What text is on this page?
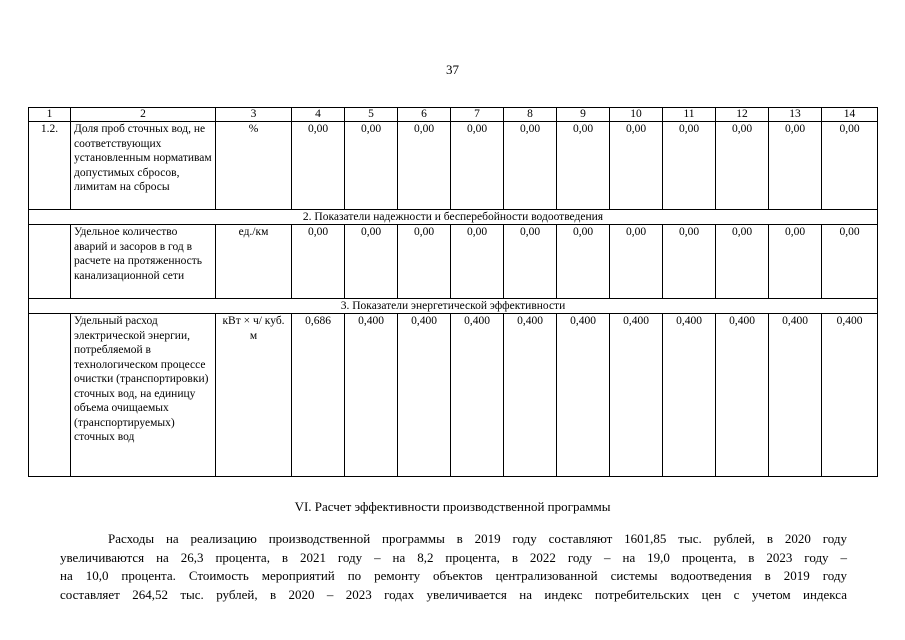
37
1	2	3	4	5	6	7	8	9	10	11	12	13	14
1.2.	Доля проб сточных вод, не соответствующих установленным нормативам допустимых сбросов, лимитам на сбросы	%	0,00	0,00	0,00	0,00	0,00	0,00	0,00	0,00	0,00	0,00	0,00
2. Показатели надежности и бесперебойности водоотведения													
	Удельное количество аварий и засоров в год в расчете на протяженность канализационной сети	ед./км	0,00	0,00	0,00	0,00	0,00	0,00	0,00	0,00	0,00	0,00	0,00
3. Показатели энергетической эффективности													
	Удельный расход электрической энергии, потребляемой в технологическом процессе очистки (транспортировки) сточных вод, на единицу объема очищаемых (транспортируемых) сточных вод	кВт × ч/ куб. м	0,686	0,400	0,400	0,400	0,400	0,400	0,400	0,400	0,400	0,400	0,400
VI. Расчет эффективности производственной программы
Расходы на реализацию производственной программы в 2019 году составляют 1601,85 тыс. рублей, в 2020 году
увеличиваются на 26,3 процента, в 2021 году – на 8,2 процента, в 2022 году – на 19,0 процента, в 2023 году –
на 10,0 процента. Стоимость мероприятий по ремонту объектов централизованной системы водоотведения в 2019 году
составляет 264,52 тыс. рублей, в 2020 – 2023 годах увеличивается на индекс потребительских цен с учетом индекса
